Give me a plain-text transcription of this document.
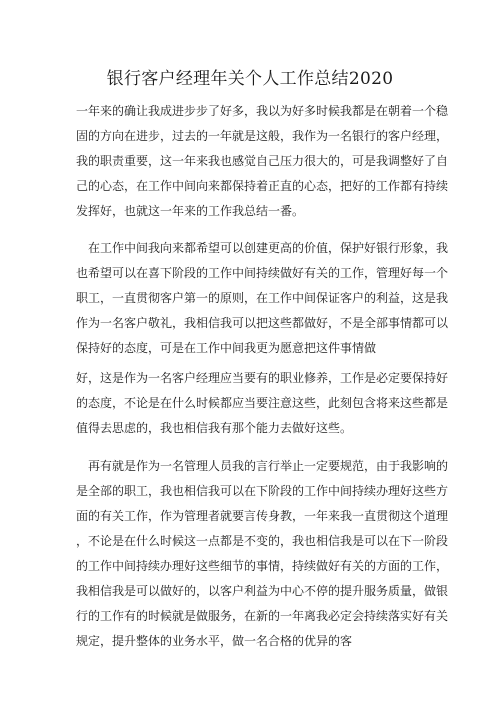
银行客户经理年关个人工作总结2020

一年来的确让我成进步步了好多，我以为好多时候我都是在朝着一个稳

固的方向在进步，过去的一年就是这般，我作为一名银行的客户经理，

我的职责重要，这一年来我也感觉自己压力很大的，可是我调整好了自

己的心态，在工作中间向来都保持着正直的心态，把好的工作都有持续

发挥好，也就这一年来的工作我总结一番。

在工作中间我向来都希望可以创建更高的价值，保护好银行形象，我

也希望可以在喜下阶段的工作中间持续做好有关的工作，管理好每一个

职工，一直贯彻客户第一的原则，在工作中间保证客户的利益，这是我

作为一名客户敬礼，我相信我可以把这些都做好，不是全部事情都可以

保持好的态度，可是在工作中间我更为愿意把这件事情做

好，这是作为一名客户经理应当要有的职业修养，工作是必定要保持好

的态度，不论是在什么时候都应当要注意这些，此刻包含将来这些都是

值得去思虑的，我也相信我有那个能力去做好这些。

再有就是作为一名管理人员我的言行举止一定要规范，由于我影响的

是全部的职工，我也相信我可以在下阶段的工作中间持续办理好这些方

面的有关工作，作为管理者就要言传身教，一年来我一直贯彻这个道理

，不论是在什么时候这一点都是不变的，我也相信我是可以在下一阶段

的工作中间持续办理好这些细节的事情，持续做好有关的方面的工作，

我相信我是可以做好的，以客户利益为中心不停的提升服务质量，做银

行的工作有的时候就是做服务，在新的一年离我必定会持续落实好有关

规定，提升整体的业务水平，做一名合格的优异的客
